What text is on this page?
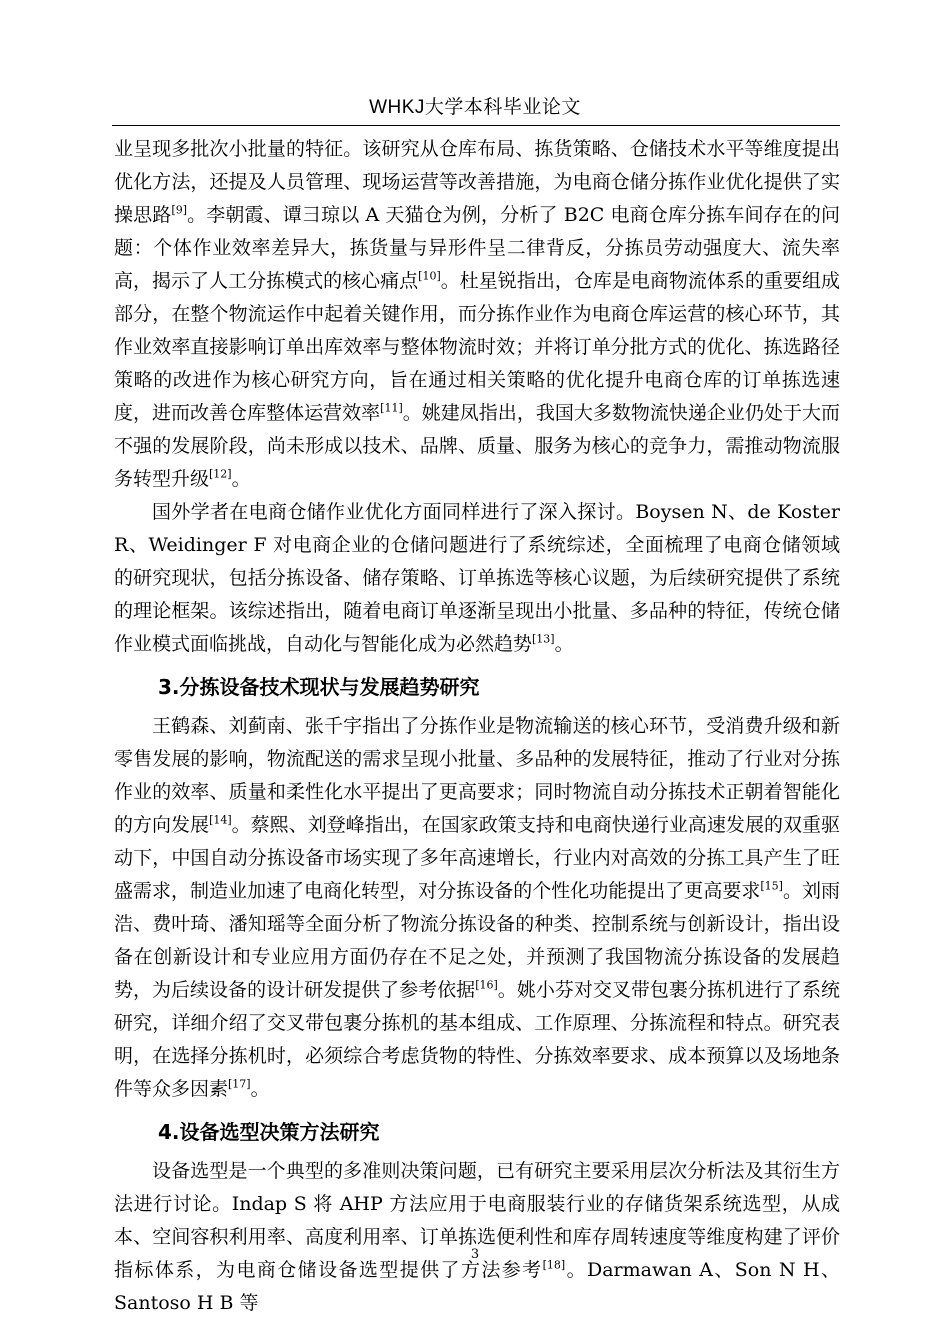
WHKJ大学本科毕业论文

业呈现多批次小批量的特征。该研究从仓库布局、拣货策略、仓储技术水平等维度提出优化方法，还提及人员管理、现场运营等改善措施，为电商仓储分拣作业优化提供了实操思路[9]。李朝霞、谭彐琼以 A 天猫仓为例，分析了 B2C 电商仓库分拣车间存在的问题：个体作业效率差异大，拣货量与异形件呈二律背反，分拣员劳动强度大、流失率高，揭示了人工分拣模式的核心痛点[10]。杜星锐指出，仓库是电商物流体系的重要组成部分，在整个物流运作中起着关键作用，而分拣作业作为电商仓库运营的核心环节，其作业效率直接影响订单出库效率与整体物流时效；并将订单分批方式的优化、拣选路径策略的改进作为核心研究方向，旨在通过相关策略的优化提升电商仓库的订单拣选速度，进而改善仓库整体运营效率[11]。姚建凤指出，我国大多数物流快递企业仍处于大而不强的发展阶段，尚未形成以技术、品牌、质量、服务为核心的竞争力，需推动物流服务转型升级[12]。

国外学者在电商仓储作业优化方面同样进行了深入探讨。Boysen N、de Koster R、Weidinger F 对电商企业的仓储问题进行了系统综述，全面梳理了电商仓储领域的研究现状，包括分拣设备、储存策略、订单拣选等核心议题，为后续研究提供了系统的理论框架。该综述指出，随着电商订单逐渐呈现出小批量、多品种的特征，传统仓储作业模式面临挑战，自动化与智能化成为必然趋势[13]。

3.分拣设备技术现状与发展趋势研究

王鹤森、刘蓟南、张千宇指出了分拣作业是物流输送的核心环节，受消费升级和新零售发展的影响，物流配送的需求呈现小批量、多品种的发展特征，推动了行业对分拣作业的效率、质量和柔性化水平提出了更高要求；同时物流自动分拣技术正朝着智能化的方向发展[14]。蔡熙、刘登峰指出，在国家政策支持和电商快递行业高速发展的双重驱动下，中国自动分拣设备市场实现了多年高速增长，行业内对高效的分拣工具产生了旺盛需求，制造业加速了电商化转型，对分拣设备的个性化功能提出了更高要求[15]。刘雨浩、费叶琦、潘知瑶等全面分析了物流分拣设备的种类、控制系统与创新设计，指出设备在创新设计和专业应用方面仍存在不足之处，并预测了我国物流分拣设备的发展趋势，为后续设备的设计研发提供了参考依据[16]。姚小芬对交叉带包裹分拣机进行了系统研究，详细介绍了交叉带包裹分拣机的基本组成、工作原理、分拣流程和特点。研究表明，在选择分拣机时，必须综合考虑货物的特性、分拣效率要求、成本预算以及场地条件等众多因素[17]。

4.设备选型决策方法研究

设备选型是一个典型的多准则决策问题，已有研究主要采用层次分析法及其衍生方法进行讨论。Indap S 将 AHP 方法应用于电商服装行业的存储货架系统选型，从成本、空间容积利用率、高度利用率、订单拣选便利性和库存周转速度等维度构建了评价指标体系，为电商仓储设备选型提供了方法参考[18]。Darmawan A、Son N H、Santoso H B 等

3
